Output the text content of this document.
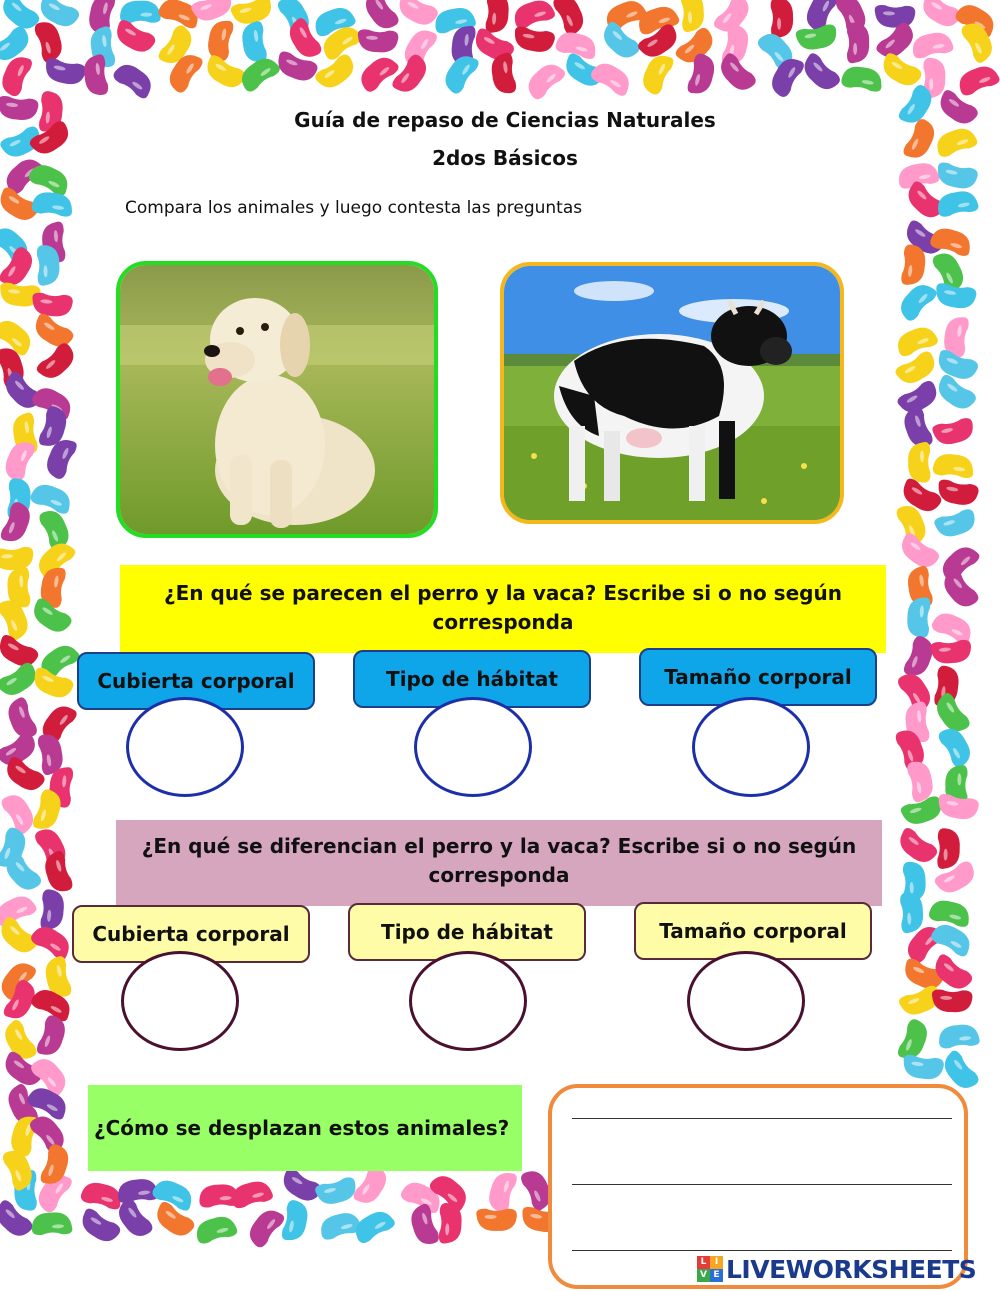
Guía de repaso de Ciencias Naturales
2dos Básicos
Compara los animales y luego contesta las preguntas
¿En qué se parecen el perro y la vaca? Escribe si o no según corresponda
Cubierta corporal	Tipo de hábitat	Tamaño corporal
¿En qué se diferencian el perro y la vaca? Escribe si o no según corresponda
Cubierta corporal	Tipo de hábitat	Tamaño corporal
¿Cómo se desplazan estos animales?
L I
V E LIVEWORKSHEETS
